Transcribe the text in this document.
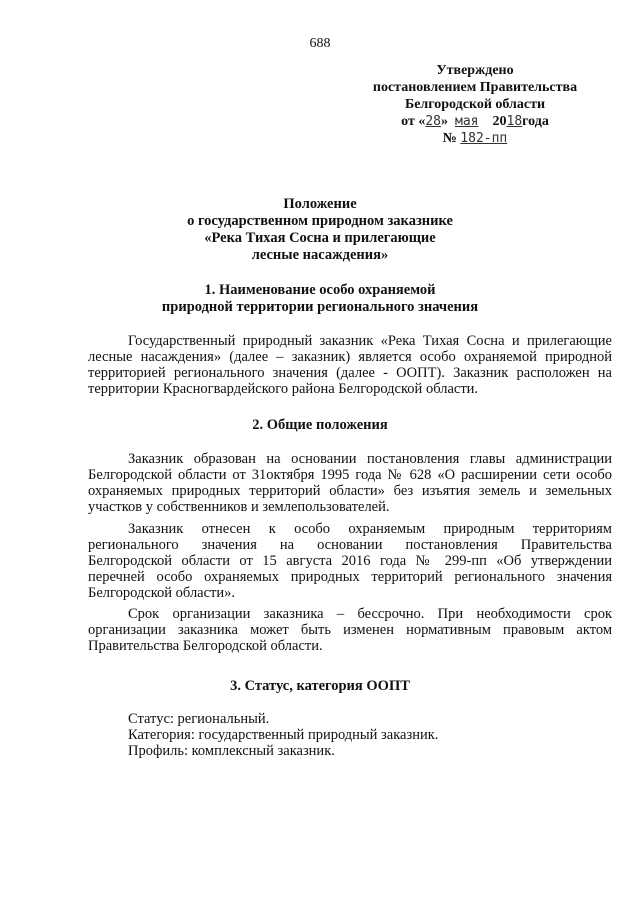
688
Утверждено
постановлением Правительства
Белгородской области
от «28» мая 2018года
№ 182-пп
Положение
о государственном природном заказнике
«Река Тихая Сосна и прилегающие
лесные насаждения»
1. Наименование особо охраняемой
природной территории регионального значения
Государственный природный заказник «Река Тихая Сосна и прилегающие
лесные насаждения» (далее – заказник) является особо охраняемой природной
территорией регионального значения (далее - ООПТ). Заказник расположен на
территории Красногвардейского района Белгородской области.
2. Общие положения
Заказник образован на основании постановления главы администрации
Белгородской области от 31октября 1995 года № 628 «О расширении сети особо
охраняемых природных территорий области» без изъятия земель и земельных
участков у собственников и землепользователей.
Заказник отнесен к особо охраняемым природным территориям
регионального значения на основании постановления Правительства
Белгородской области от 15 августа 2016 года № 299-пп «Об утверждении
перечней особо охраняемых природных территорий регионального значения
Белгородской области».
Срок организации заказника – бессрочно. При необходимости срок
организации заказника может быть изменен нормативным правовым актом
Правительства Белгородской области.
3. Статус, категория ООПТ
Статус: региональный.
Категория: государственный природный заказник.
Профиль: комплексный заказник.
